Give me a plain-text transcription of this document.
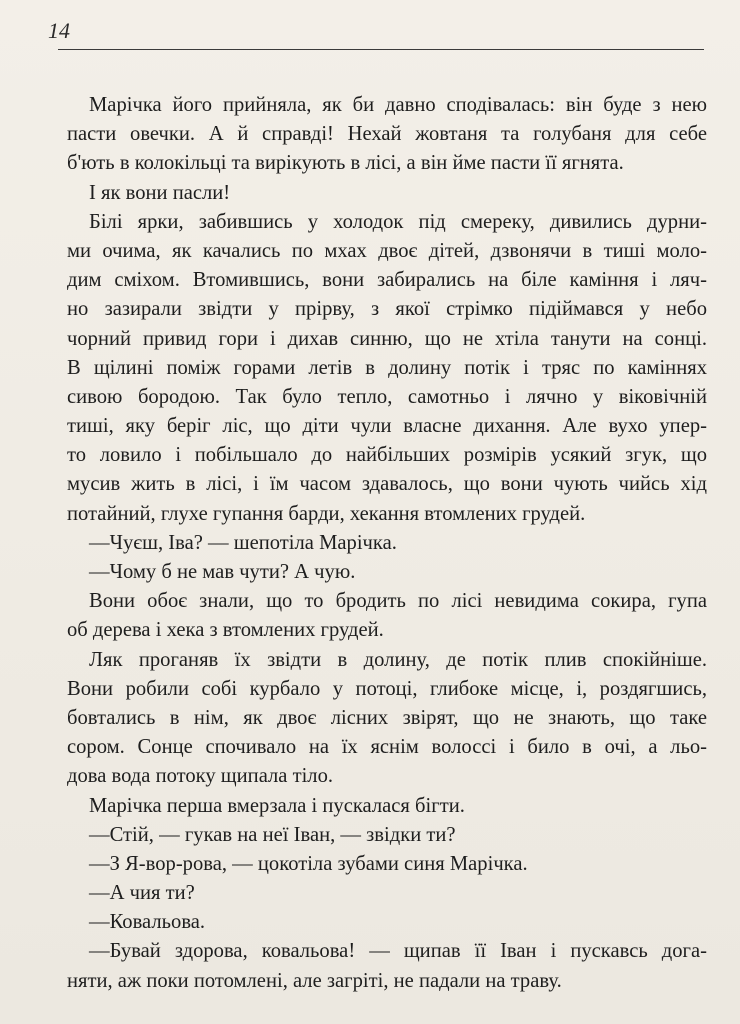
14
Марічка його прийняла, як би давно сподівалась: він буде з нею
пасти овечки. А й справді! Нехай жовтаня та голубаня для себе
б'ють в колокільці та вирікують в лісі, а він йме пасти її ягнята.
І як вони пасли!
Білі ярки, забившись у холодок під смереку, дивились дурни-
ми очима, як качались по мхах двоє дітей, дзвонячи в тиші моло-
дим сміхом. Втомившись, вони забирались на біле каміння і ляч-
но зазирали звідти у прірву, з якої стрімко підіймався у небо
чорний привид гори і дихав синню, що не хтіла танути на сонці.
В щілині поміж горами летів в долину потік і тряс по каміннях
сивою бородою. Так було тепло, самотньо і лячно у віковічній
тиші, яку беріг ліс, що діти чули власне дихання. Але вухо упер-
то ловило і побільшало до найбільших розмірів усякий згук, що
мусив жить в лісі, і їм часом здавалось, що вони чують чийсь хід
потайний, глухе гупання барди, хекання втомлених грудей.
—Чуєш, Іва? — шепотіла Марічка.
—Чому б не мав чути? А чую.
Вони обоє знали, що то бродить по лісі невидима сокира, гупа
об дерева і хека з втомлених грудей.
Ляк проганяв їх звідти в долину, де потік плив спокійніше.
Вони робили собі курбало у потоці, глибоке місце, і, роздягшись,
бовтались в нім, як двоє лісних звірят, що не знають, що таке
сором. Сонце спочивало на їх яснім волоссі і било в очі, а льо-
дова вода потоку щипала тіло.
Марічка перша вмерзала і пускалася бігти.
—Стій, — гукав на неї Іван, — звідки ти?
—З Я-вор-рова, — цокотіла зубами синя Марічка.
—А чия ти?
—Ковальова.
—Бувай здорова, ковальова! — щипав її Іван і пускавсь дога-
няти, аж поки потомлені, але загріті, не падали на траву.
